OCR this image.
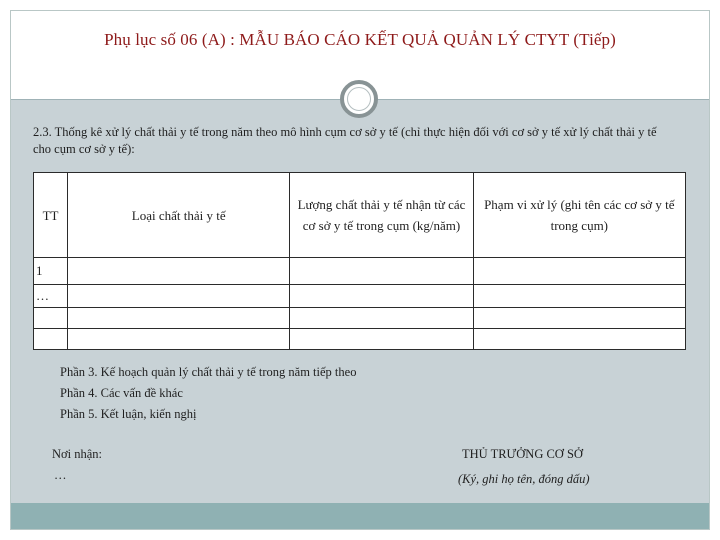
Phụ lục số 06 (A) : MẪU BÁO CÁO KẾT QUẢ QUẢN LÝ CTYT (Tiếp)
2.3. Thống kê xử lý chất thải y tế trong năm theo mô hình cụm cơ sở y tế (chỉ thực hiện đối với cơ sở y tế xử lý chất thải y tế cho cụm cơ sở y tế):
TT	Loại chất thải y tế	Lượng chất thải y tế nhận từ các cơ sở y tế trong cụm (kg/năm)	Phạm vi xử lý (ghi tên các cơ sở y tế trong cụm)
1			
…			

Phần 3. Kế hoạch quản lý chất thải y tế trong năm tiếp theo
Phần 4. Các vấn đề khác
Phần 5. Kết luận, kiến nghị
Nơi nhận:
…
THỦ TRƯỞNG CƠ SỞ
(Ký, ghi họ tên, đóng dấu)
